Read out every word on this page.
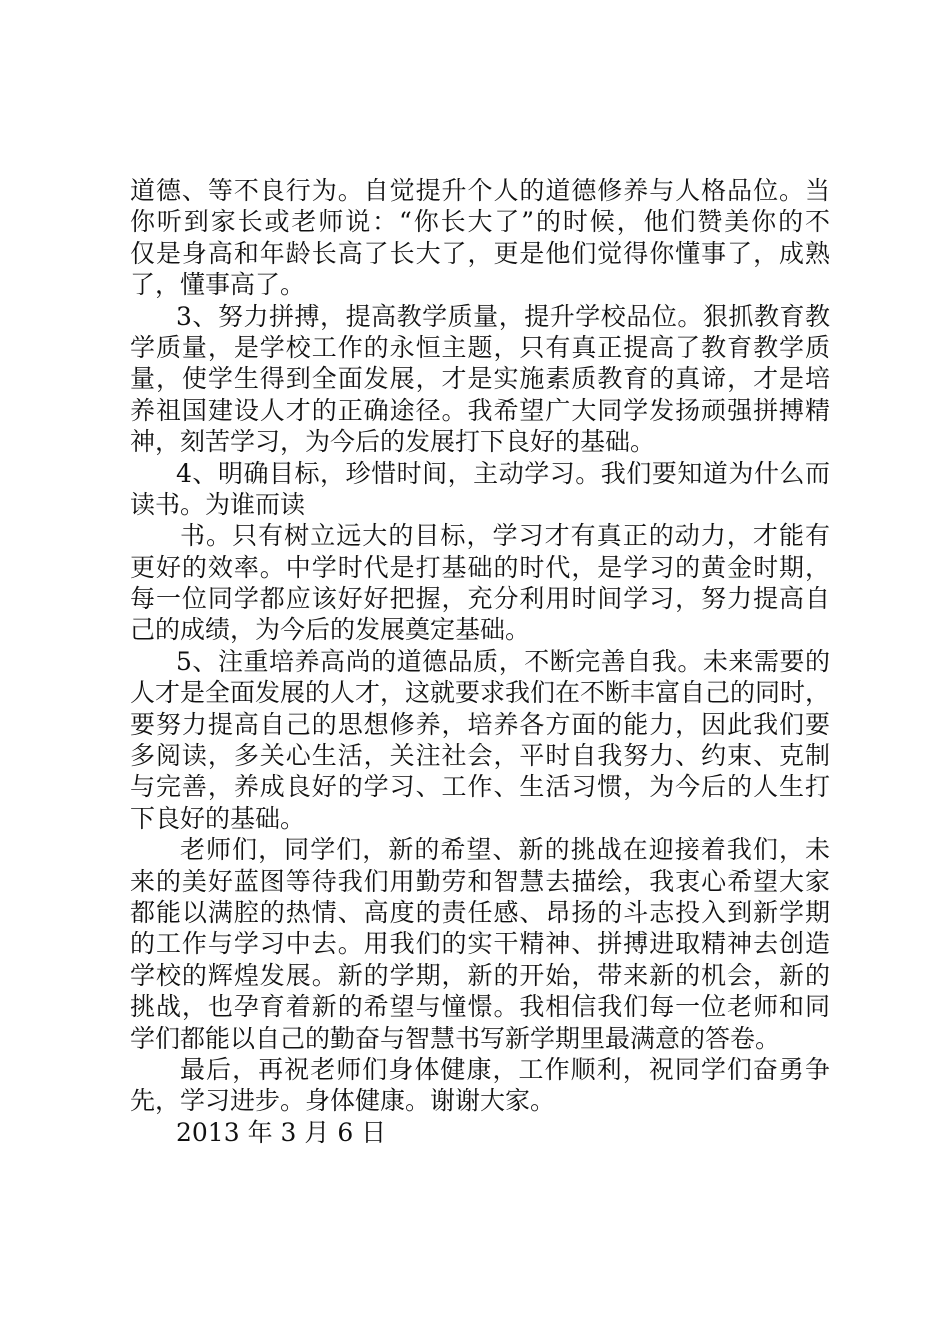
道德、等不良行为。自觉提升个人的道德修养与人格品位。当
你听到家长或老师说：“你长大了”的时候，他们赞美你的不
仅是身高和年龄长高了长大了，更是他们觉得你懂事了，成熟
了，懂事高了。
3、努力拼搏，提高教学质量，提升学校品位。狠抓教育教
学质量，是学校工作的永恒主题，只有真正提高了教育教学质
量，使学生得到全面发展，才是实施素质教育的真谛，才是培
养祖国建设人才的正确途径。我希望广大同学发扬顽强拼搏精
神，刻苦学习，为今后的发展打下良好的基础。
4、明确目标，珍惜时间，主动学习。我们要知道为什么而
读书。为谁而读
书。只有树立远大的目标，学习才有真正的动力，才能有
更好的效率。中学时代是打基础的时代，是学习的黄金时期，
每一位同学都应该好好把握，充分利用时间学习，努力提高自
己的成绩，为今后的发展奠定基础。
5、注重培养高尚的道德品质，不断完善自我。未来需要的
人才是全面发展的人才，这就要求我们在不断丰富自己的同时，
要努力提高自己的思想修养，培养各方面的能力，因此我们要
多阅读，多关心生活，关注社会，平时自我努力、约束、克制
与完善，养成良好的学习、工作、生活习惯，为今后的人生打
下良好的基础。
老师们，同学们，新的希望、新的挑战在迎接着我们，未
来的美好蓝图等待我们用勤劳和智慧去描绘，我衷心希望大家
都能以满腔的热情、高度的责任感、昂扬的斗志投入到新学期
的工作与学习中去。用我们的实干精神、拼搏进取精神去创造
学校的辉煌发展。新的学期，新的开始，带来新的机会，新的
挑战，也孕育着新的希望与憧憬。我相信我们每一位老师和同
学们都能以自己的勤奋与智慧书写新学期里最满意的答卷。
最后，再祝老师们身体健康，工作顺利，祝同学们奋勇争
先，学习进步。身体健康。谢谢大家。
2013 年 3 月 6 日
